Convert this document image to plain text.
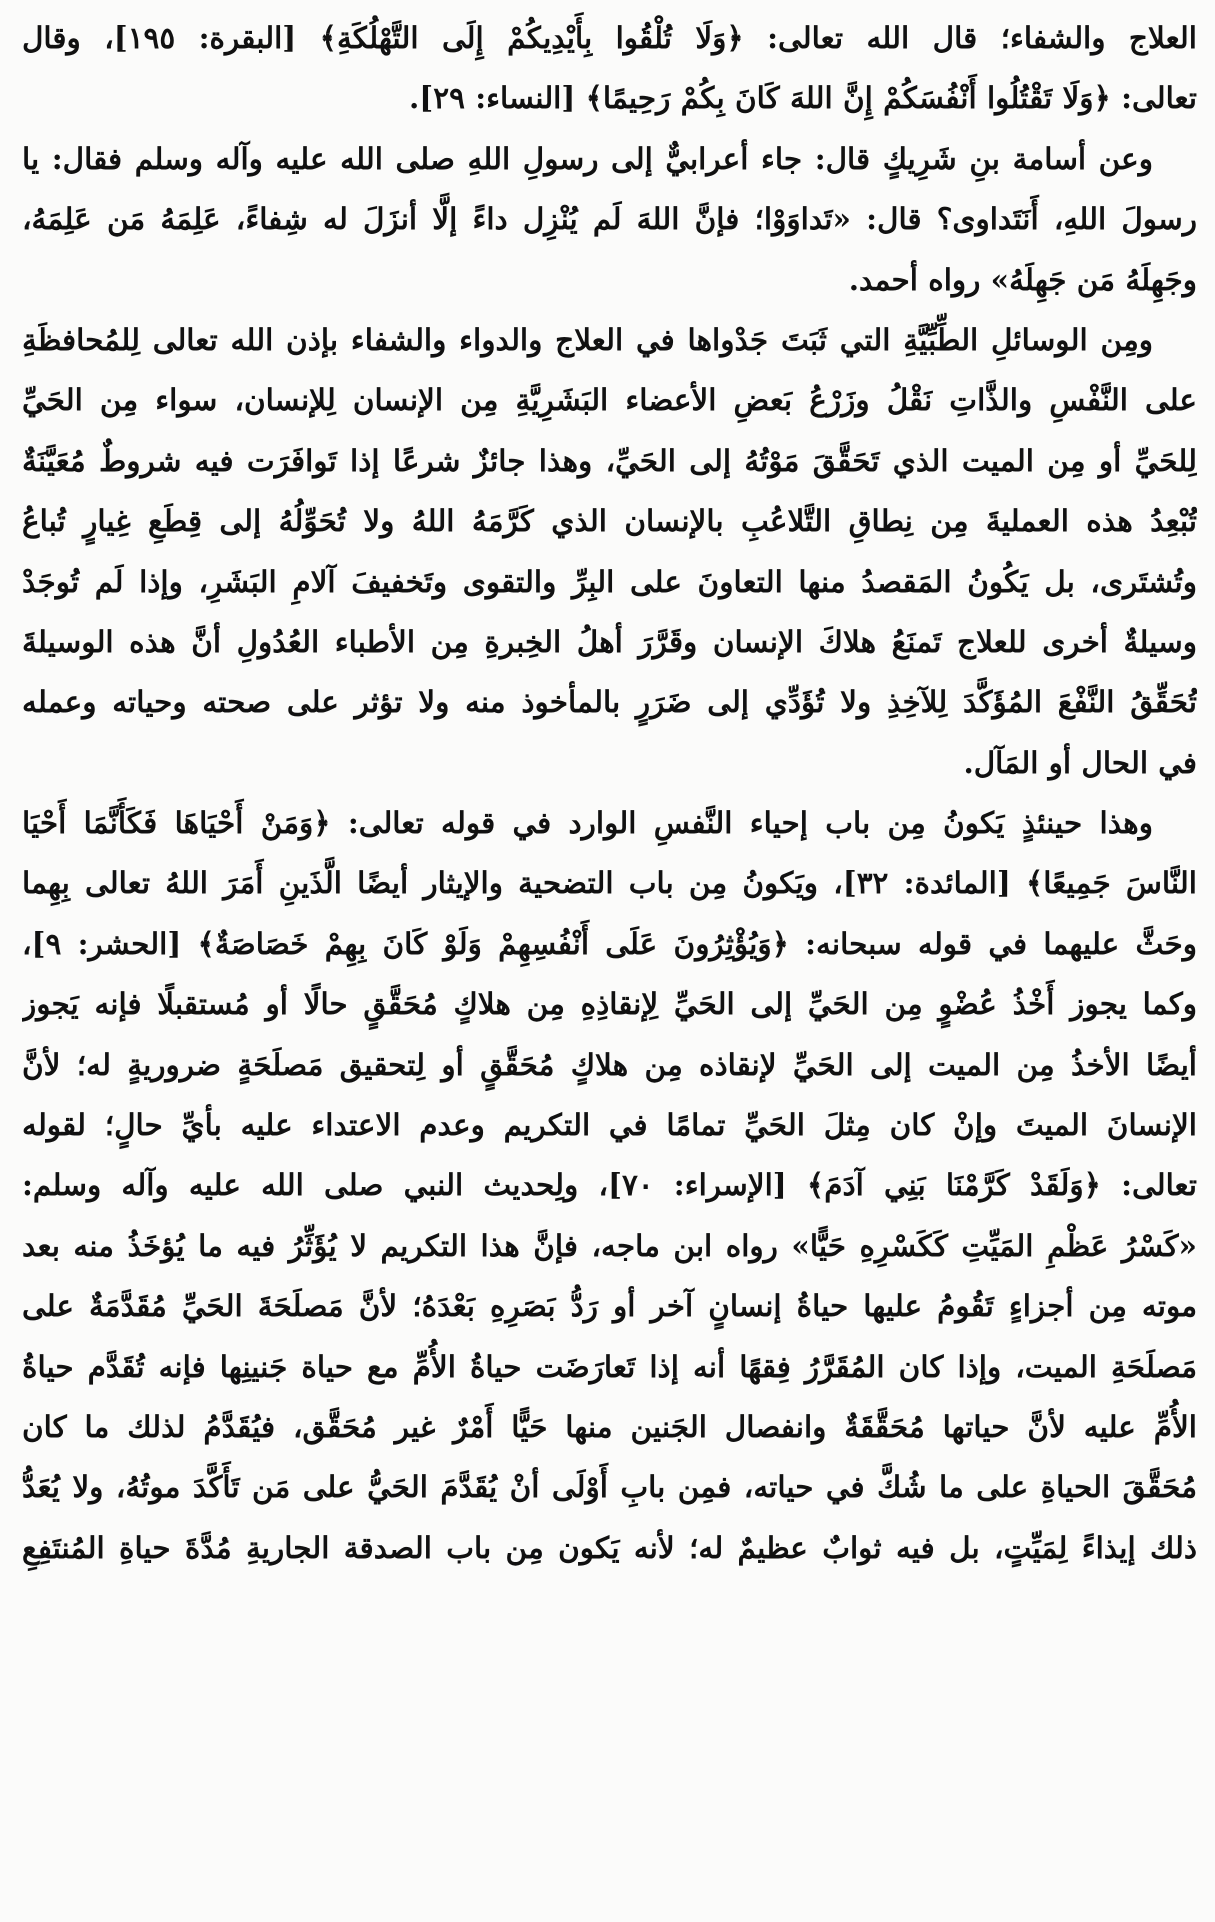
العلاج والشفاء؛ قال الله تعالى: ﴿وَلَا تُلْقُوا بِأَيْدِيكُمْ إِلَى التَّهْلُكَةِ﴾ [البقرة: ١٩٥]، وقال
تعالى: ﴿وَلَا تَقْتُلُوا أَنْفُسَكُمْ إِنَّ اللهَ كَانَ بِكُمْ رَحِيمًا﴾ [النساء: ٢٩].
وعن أسامة بنِ شَرِيكٍ قال: جاء أعرابيٌّ إلى رسولِ اللهِ صلى الله عليه وآله وسلم فقال: يا
رسولَ اللهِ، أَنَتَداوى؟ قال: «تَداوَوْا؛ فإنَّ اللهَ لَم يُنْزِل داءً إلَّا أنزَلَ له شِفاءً، عَلِمَهُ مَن عَلِمَهُ،
وجَهِلَهُ مَن جَهِلَهُ» رواه أحمد.
ومِن الوسائلِ الطِّبِّيَّةِ التي ثَبَتَ جَدْواها في العلاج والدواء والشفاء بإذن الله تعالى لِلمُحافظَةِ
على النَّفْسِ والذَّاتِ نَقْلُ وزَرْعُ بَعضِ الأعضاء البَشَرِيَّةِ مِن الإنسان لِلإنسان، سواء مِن الحَيِّ
لِلحَيِّ أو مِن الميت الذي تَحَقَّقَ مَوْتُهُ إلى الحَيِّ، وهذا جائزٌ شرعًا إذا تَوافَرَت فيه شروطٌ مُعَيَّنَةٌ
تُبْعِدُ هذه العمليةَ مِن نِطاقِ التَّلاعُبِ بالإنسان الذي كَرَّمَهُ اللهُ ولا تُحَوِّلُهُ إلى قِطَعِ غِيارٍ تُباعُ
وتُشتَرى، بل يَكُونُ المَقصدُ منها التعاونَ على البِرِّ والتقوى وتَخفيفَ آلامِ البَشَرِ، وإذا لَم تُوجَدْ
وسيلةٌ أخرى للعلاج تَمنَعُ هلاكَ الإنسان وقَرَّرَ أهلُ الخِبرةِ مِن الأطباء العُدُولِ أنَّ هذه الوسيلةَ
تُحَقِّقُ النَّفْعَ المُؤَكَّدَ لِلآخِذِ ولا تُؤَدِّي إلى ضَرَرٍ بالمأخوذ منه ولا تؤثر على صحته وحياته وعمله
في الحال أو المَآل.
وهذا حينئذٍ يَكونُ مِن باب إحياء النَّفسِ الوارد في قوله تعالى: ﴿وَمَنْ أَحْيَاهَا فَكَأَنَّمَا أَحْيَا
النَّاسَ جَمِيعًا﴾ [المائدة: ٣٢]، ويَكونُ مِن باب التضحية والإيثار أيضًا الَّذَينِ أَمَرَ اللهُ تعالى بِهِما
وحَثَّ عليهما في قوله سبحانه: ﴿وَيُؤْثِرُونَ عَلَى أَنْفُسِهِمْ وَلَوْ كَانَ بِهِمْ خَصَاصَةٌ﴾ [الحشر: ٩]،
وكما يجوز أَخْذُ عُضْوٍ مِن الحَيِّ إلى الحَيِّ لِإنقاذِهِ مِن هلاكٍ مُحَقَّقٍ حالًا أو مُستقبلًا فإنه يَجوز
أيضًا الأخذُ مِن الميت إلى الحَيِّ لإنقاذه مِن هلاكٍ مُحَقَّقٍ أو لِتحقيق مَصلَحَةٍ ضروريةٍ له؛ لأنَّ
الإنسانَ الميتَ وإنْ كان مِثلَ الحَيِّ تمامًا في التكريم وعدم الاعتداء عليه بأيِّ حالٍ؛ لقوله
تعالى: ﴿وَلَقَدْ كَرَّمْنَا بَنِي آدَمَ﴾ [الإسراء: ٧٠]، ولِحديث النبي صلى الله عليه وآله وسلم:
«كَسْرُ عَظْمِ المَيِّتِ كَكَسْرِهِ حَيًّا» رواه ابن ماجه، فإنَّ هذا التكريم لا يُؤَثِّرُ فيه ما يُؤخَذُ منه بعد
موته مِن أجزاءٍ تَقُومُ عليها حياةُ إنسانٍ آخر أو رَدُّ بَصَرِهِ بَعْدَهُ؛ لأنَّ مَصلَحَةَ الحَيِّ مُقَدَّمَةٌ على
مَصلَحَةِ الميت، وإذا كان المُقَرَّرُ فِقهًا أنه إذا تَعارَضَت حياةُ الأُمِّ مع حياة جَنينِها فإنه تُقَدَّم حياةُ
الأُمِّ عليه لأنَّ حياتها مُحَقَّقَةٌ وانفصال الجَنين منها حَيًّا أَمْرٌ غير مُحَقَّق، فيُقَدَّمُ لذلك ما كان
مُحَقَّقَ الحياةِ على ما شُكَّ في حياته، فمِن بابِ أَوْلَى أنْ يُقَدَّمَ الحَيُّ على مَن تَأَكَّدَ موتُهُ، ولا يُعَدُّ
ذلك إيذاءً لِمَيِّتٍ، بل فيه ثوابٌ عظيمٌ له؛ لأنه يَكون مِن باب الصدقة الجاريةِ مُدَّةَ حياةِ المُنتَفِعِ
